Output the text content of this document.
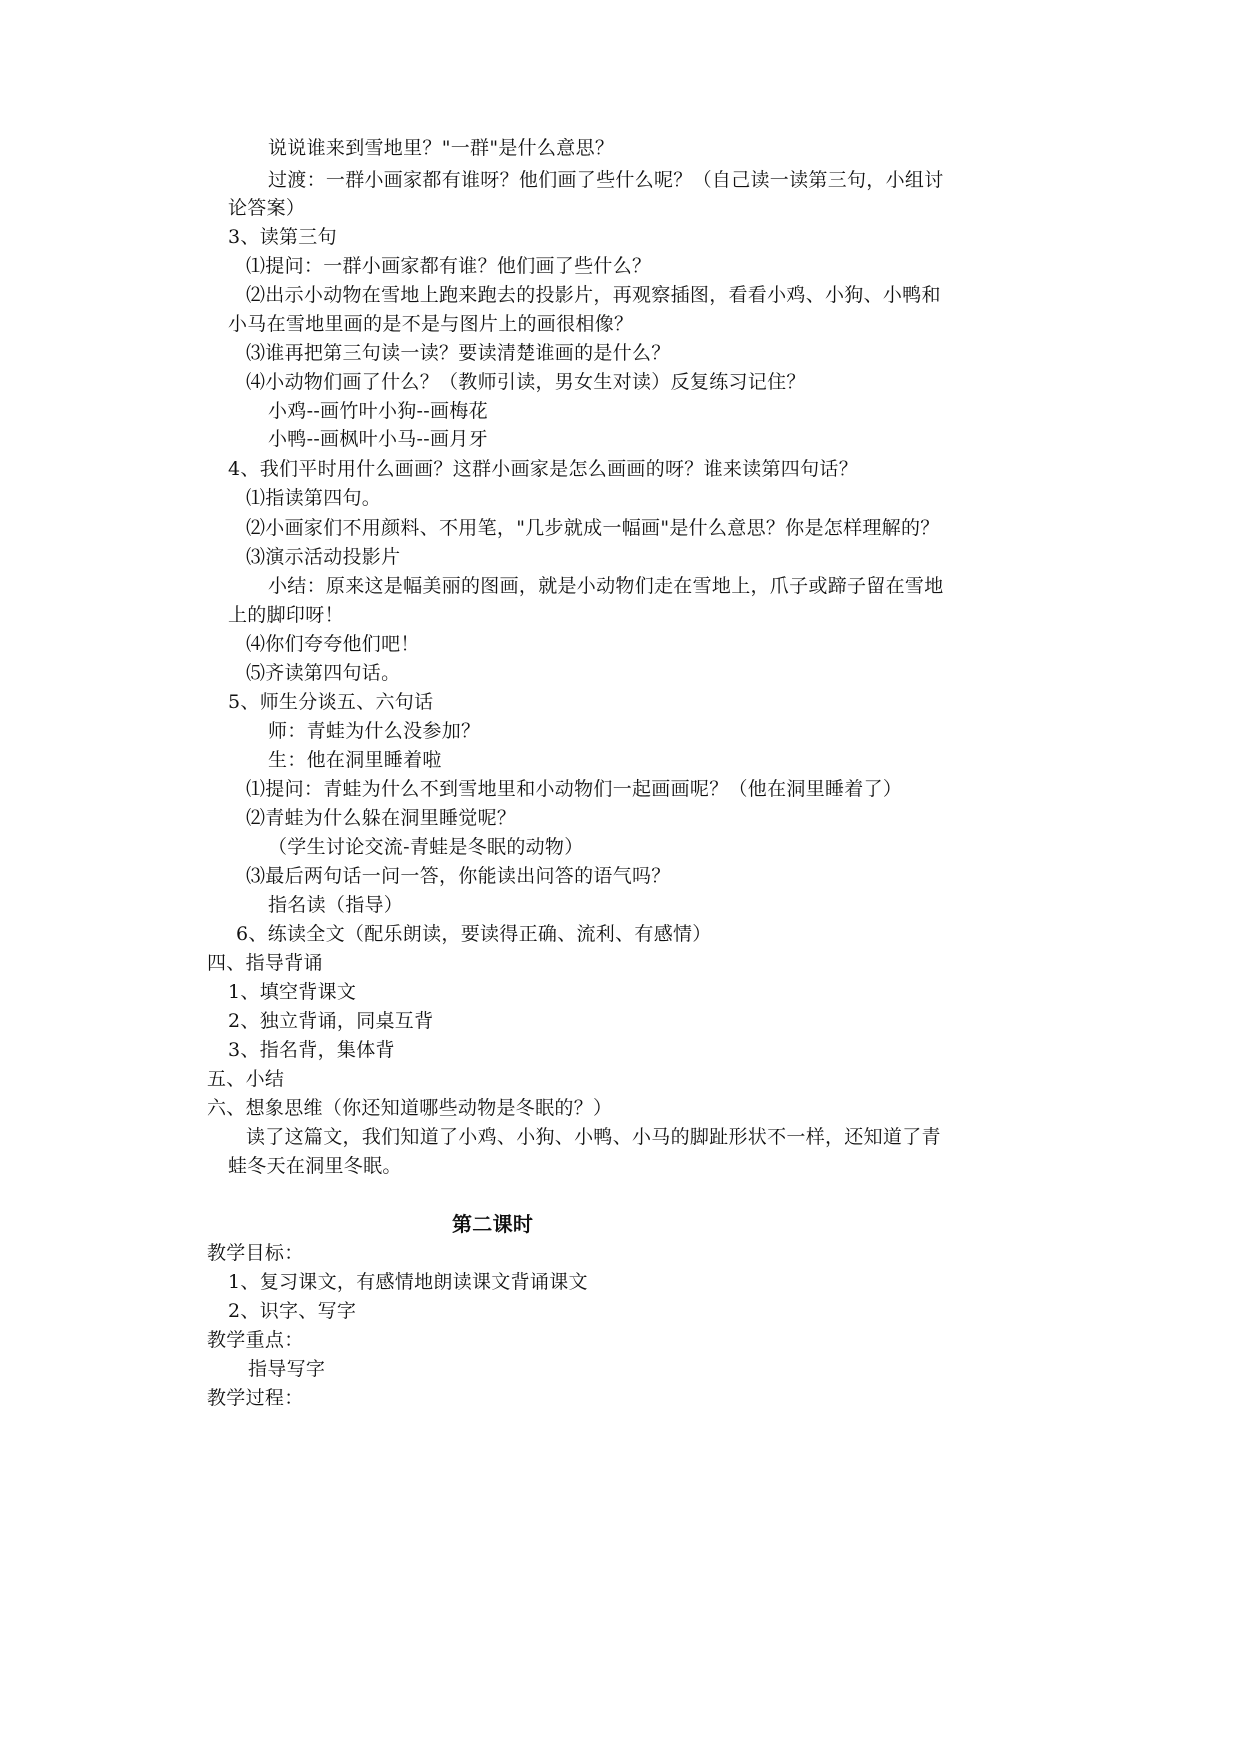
说说谁来到雪地里？"一群"是什么意思？
过渡：一群小画家都有谁呀？他们画了些什么呢？（自己读一读第三句，小组讨
论答案）
3、读第三句
⑴提问：一群小画家都有谁？他们画了些什么？
⑵出示小动物在雪地上跑来跑去的投影片，再观察插图，看看小鸡、小狗、小鸭和
小马在雪地里画的是不是与图片上的画很相像？
⑶谁再把第三句读一读？要读清楚谁画的是什么？
⑷小动物们画了什么？（教师引读，男女生对读）反复练习记住？
小鸡--画竹叶小狗--画梅花
小鸭--画枫叶小马--画月牙
4、我们平时用什么画画？这群小画家是怎么画画的呀？谁来读第四句话？
⑴指读第四句。
⑵小画家们不用颜料、不用笔，"几步就成一幅画"是什么意思？你是怎样理解的？
⑶演示活动投影片
小结：原来这是幅美丽的图画，就是小动物们走在雪地上，爪子或蹄子留在雪地
上的脚印呀！
⑷你们夸夸他们吧！
⑸齐读第四句话。
5、师生分谈五、六句话
师：青蛙为什么没参加？
生：他在洞里睡着啦
⑴提问：青蛙为什么不到雪地里和小动物们一起画画呢？（他在洞里睡着了）
⑵青蛙为什么躲在洞里睡觉呢？
（学生讨论交流-青蛙是冬眠的动物）
⑶最后两句话一问一答，你能读出问答的语气吗？
指名读（指导）
6、练读全文（配乐朗读，要读得正确、流利、有感情）
四、指导背诵
1、填空背课文
2、独立背诵，同桌互背
3、指名背，集体背
五、小结
六、想象思维（你还知道哪些动物是冬眠的？）
读了这篇文，我们知道了小鸡、小狗、小鸭、小马的脚趾形状不一样，还知道了青
蛙冬天在洞里冬眠。
第二课时
教学目标：
1、复习课文，有感情地朗读课文背诵课文
2、识字、写字
教学重点：
指导写字
教学过程：
